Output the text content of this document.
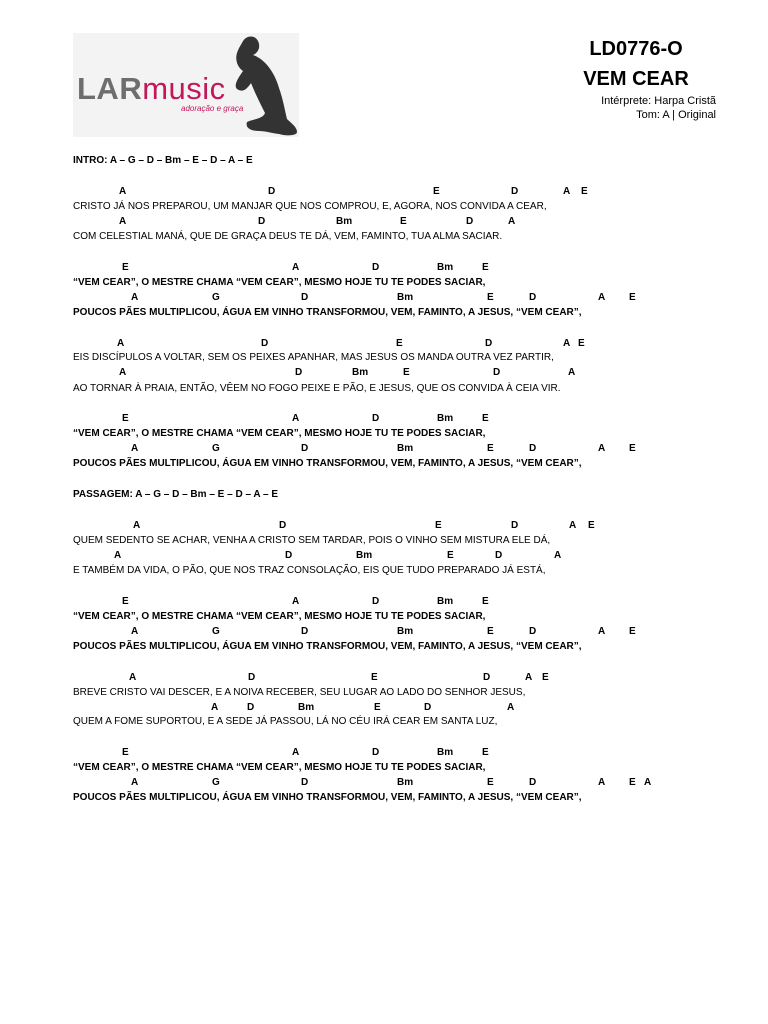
LARmusic
adoração e graça
LD0776-O
VEM CEAR
Intérprete: Harpa Cristã
Tom: A | Original
INTRO: A – G – D – Bm – E – D – A – E
A	D	E	D	A E
CRISTO JÁ NOS PREPAROU, UM MANJAR QUE NOS COMPROU, E, AGORA, NOS CONVIDA A CEAR,
A	D	Bm	E	D	A
COM CELESTIAL MANÁ, QUE DE GRAÇA DEUS TE DÁ, VEM, FAMINTO, TUA ALMA SACIAR.
E	A	D	Bm	E
“VEM CEAR”, O MESTRE CHAMA “VEM CEAR”, MESMO HOJE TU TE PODES SACIAR,
A	G	D	Bm	E	D	A E
POUCOS PÃES MULTIPLICOU, ÁGUA EM VINHO TRANSFORMOU, VEM, FAMINTO, A JESUS, “VEM CEAR”,
A	D	E	D	A E
EIS DISCÍPULOS A VOLTAR, SEM OS PEIXES APANHAR, MAS JESUS OS MANDA OUTRA VEZ PARTIR,
A	D	Bm	E	D	A
AO TORNAR À PRAIA, ENTÃO, VÊEM NO FOGO PEIXE E PÃO, E JESUS, QUE OS CONVIDA À CEIA VIR.
E	A	D	Bm	E
“VEM CEAR”, O MESTRE CHAMA “VEM CEAR”, MESMO HOJE TU TE PODES SACIAR,
A	G	D	Bm	E	D	A E
POUCOS PÃES MULTIPLICOU, ÁGUA EM VINHO TRANSFORMOU, VEM, FAMINTO, A JESUS, “VEM CEAR”,
PASSAGEM: A – G – D – Bm – E – D – A – E
A	D	E	D	A E
QUEM SEDENTO SE ACHAR, VENHA A CRISTO SEM TARDAR, POIS O VINHO SEM MISTURA ELE DÁ,
A	D	Bm	E	D	A
E TAMBÉM DA VIDA, O PÃO, QUE NOS TRAZ CONSOLAÇÃO, EIS QUE TUDO PREPARADO JÁ ESTÁ,
E	A	D	Bm	E
“VEM CEAR”, O MESTRE CHAMA “VEM CEAR”, MESMO HOJE TU TE PODES SACIAR,
A	G	D	Bm	E	D	A E
POUCOS PÃES MULTIPLICOU, ÁGUA EM VINHO TRANSFORMOU, VEM, FAMINTO, A JESUS, “VEM CEAR”,
A	D	E	D	A E
BREVE CRISTO VAI DESCER, E A NOIVA RECEBER, SEU LUGAR AO LADO DO SENHOR JESUS,
A	D	Bm	E	D	A
QUEM A FOME SUPORTOU, E A SEDE JÁ PASSOU, LÁ NO CÉU IRÁ CEAR EM SANTA LUZ,
E	A	D	Bm	E
“VEM CEAR”, O MESTRE CHAMA “VEM CEAR”, MESMO HOJE TU TE PODES SACIAR,
A	G	D	Bm	E	D	A E A
POUCOS PÃES MULTIPLICOU, ÁGUA EM VINHO TRANSFORMOU, VEM, FAMINTO, A JESUS, “VEM CEAR”,
